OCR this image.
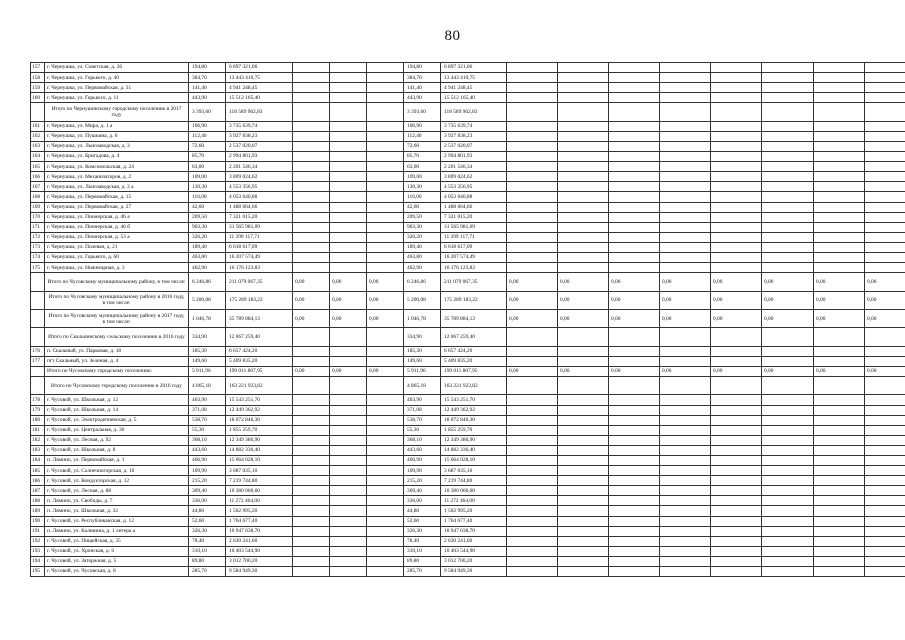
80
157	г. Чернушка, ул. Советская, д. 26	194,80	6 897 321,06				194,80	6 897 321,06								
158	г. Чернушка, ул. Горького, д. 40	384,70	13 443 410,75				384,70	13 443 410,75								
159	г. Чернушка, ул. Первомайская, д. 31	141,40	4 941 248,45				141,40	4 941 248,45								
160	г. Чернушка, ул. Горького, д. 11	443,90	15 512 165,40				443,90	15 512 165,40								
	Итого по Чернушинскому городскому поселению в 2017 году	3 393,60	118 589 962,83				3 393,60	118 589 962,83								
161	г. Чернушка, ул. Мира, д. 1 а	106,90	3 735 639,74				106,90	3 735 639,74								
162	г. Чернушка, ул. Пушкина, д. 6	112,40	3 927 838,23				112,40	3 927 838,23								
163	г. Чернушка, ул. Льнозаводская, д. 3	72,60	2 537 020,07				72,60	2 537 020,07								
164	г. Чернушка, ул. Бригадова, д. 4	85,70	2 994 801,93				85,70	2 994 801,93								
165	г. Чернушка, ул. Комсомольская, д. 24	63,00	2 201 546,34				63,00	2 201 546,34								
166	г. Чернушка, ул. Механизаторов, д. 2	109,00	3 809 024,62				109,00	3 809 024,62								
167	г. Чернушка, ул. Льнозаводская, д. 3 а	130,30	4 553 356,95				130,30	4 553 356,95								
168	г. Чернушка, ул. Первомайская, д. 15	116,00	4 053 640,88				116,00	4 053 640,88								
169	г. Чернушка, ул. Первомайская, д. 27	42,60	1 488 664,66				42,60	1 488 664,66								
170	г. Чернушка, ул. Пионерская, д. 46 а	209,50	7 321 015,20				209,50	7 321 015,20								
171	г. Чернушка, ул. Пионерская, д. 46 б	903,30	31 565 981,09				903,30	31 565 981,09								
172	г. Чернушка, ул. Пионерская, д. 53 а	326,20	11 399 117,71				326,20	11 399 117,71								
173	г. Чернушка, ул. Полевая, д. 21	189,40	6 618 617,09				189,40	6 618 617,09								
174	г. Чернушка, ул. Горького, д. 60	463,80	16 207 574,49				463,80	16 207 574,49								
175	г. Чернушка, ул. Нижнеарная, д. 3	462,90	16 176 123,83				462,90	16 176 123,83								
	Итого по Чусовскому муниципальному району, в том числе:	6 246,86	211 079 067,35	0,00	0,00	0,00	6 246,86	211 079 067,35	0,00	0,00	0,00	0,00	0,00	0,00	0,00	0,00
	Итого по Чусовскому муниципальному району в 2016 году, в том числе:	5 200,08	175 289 183,22	0,00	0,00	0,00	5 200,08	175 289 183,22	0,00	0,00	0,00	0,00	0,00	0,00	0,00	0,00
	Итого по Чусовскому муниципальному району в 2017 году, в том числе:	1 046,78	35 789 884,13	0,00	0,00	0,00	1 046,78	35 789 884,13	0,00	0,00	0,00	0,00	0,00	0,00	0,00	0,00
	Итого по Скальнинскому сельскому поселению в 2016 году	334,90	12 067 259,40				334,90	12 067 259,40								
176	п. Скальный, ул. Парковая, д. 18	185,30	6 657 424,20				185,30	6 657 424,20								
177	пгт Скальный, ул. Зеленая, д. 4	149,60	5 409 835,20				149,60	5 409 835,20								
	Итого по Чусовскому городскому поселению:	5 911,96	199 011 807,95	0,00	0,00	0,00	5 911,96	199 011 807,95	0,00	0,00	0,00	0,00	0,00	0,00	0,00	0,00
	Итого по Чусовскому городскому поселению в 2016 году	4 865,18	163 221 923,82				4 865,18	163 221 923,82								
178	г. Чусовой, ул. Школьная, д. 12	463,90	15 543 251,70				463,90	15 543 251,70								
179	г. Чусовой, ул. Школьная, д. 14	371,08	12 449 362,92				371,08	12 449 362,92								
180	г. Чусовой, ул. Электродепиевская, д. 5	538,70	18 072 846,30				538,70	18 072 846,30								
181	г. Чусовой, ул. Центральная, д. 30	55,30	1 855 259,70				55,30	1 855 259,70								
182	г. Чусовой, ул. Лесная, д. 92	368,10	12 349 386,90				368,10	12 349 386,90								
183	г. Чусовой, ул. Школьная, д. 8	443,60	14 882 336,40				443,60	14 882 336,40								
184	п. Лямино, ул. Первомайская, д. 1	466,90	15 664 028,10				466,90	15 664 028,10								
185	г. Чусовой, ул. Солнечногорская, д. 10	109,90	3 687 035,10				109,90	3 687 035,10								
186	г. Чусовой, ул. Кондукторская, д. 12	215,20	7 219 744,80				215,20	7 219 744,80								
187	г. Чусовой, ул. Лесная, д. 88	309,40	10 380 060,60				309,40	10 380 060,60								
188	п. Лямино, ул. Свободы, д. 7	336,00	11 272 464,00				336,00	11 272 464,00								
189	п. Лямино, ул. Школьная, д. 32	44,80	1 502 995,20				44,80	1 502 995,20								
190	г. Чусовой, ул. Республиканская, д. 12	52,60	1 764 677,40				52,60	1 764 677,40								
191	п. Лямино, ул. Калинина, д. 1 литера а	326,30	10 947 038,70				326,30	10 947 038,70								
192	г. Чусовой, ул. Пищейская, д. 35	78,40	2 630 241,60				78,40	2 630 241,60								
193	г. Чусовой, ул. Хронская, д. 6	310,10	10 403 544,90				310,10	10 403 544,90								
194	г. Чусовой, ул. Заторжная, д. 5	89,80	3 012 700,20				89,80	3 012 700,20								
195	г. Чусовой, ул. Чусовская, д. 8	285,70	9 584 949,30				285,70	9 584 949,30								
